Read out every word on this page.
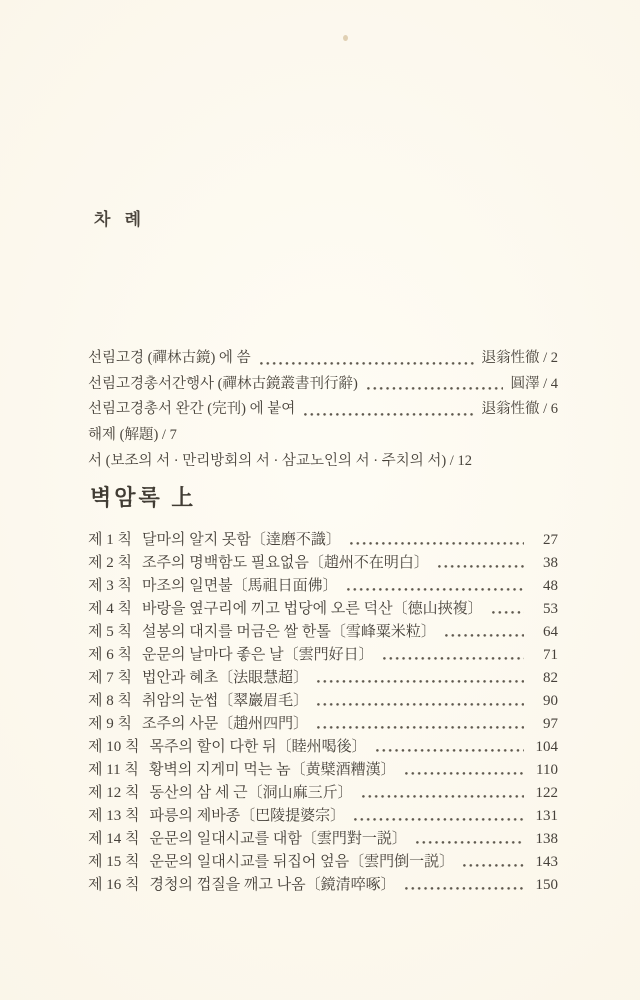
차 례
선림고경 (禪林古鏡) 에 씀	退翁性徹 / 2
선림고경총서간행사 (禪林古鏡叢書刊行辭)	圓澤 / 4
선림고경총서 완간 (完刊) 에 붙여	退翁性徹 / 6
해제 (解題) / 7
서 (보조의 서 · 만리방회의 서 · 삼교노인의 서 · 주치의 서) / 12
벽암록 上
제 1 칙 달마의 알지 못함〔達磨不識〕	27
제 2 칙 조주의 명백함도 필요없음〔趙州不在明白〕	38
제 3 칙 마조의 일면불〔馬祖日面佛〕	48
제 4 칙 바랑을 옆구리에 끼고 법당에 오른 덕산〔德山挾複〕	53
제 5 칙 설봉의 대지를 머금은 쌀 한톨〔雪峰粟米粒〕	64
제 6 칙 운문의 날마다 좋은 날〔雲門好日〕	71
제 7 칙 법안과 혜초〔法眼慧超〕	82
제 8 칙 취암의 눈썹〔翠巖眉毛〕	90
제 9 칙 조주의 사문〔趙州四門〕	97
제 10 칙 목주의 할이 다한 뒤〔睦州喝後〕	104
제 11 칙 황벽의 지게미 먹는 놈〔黄檗酒糟漢〕	110
제 12 칙 동산의 삼 세 근〔洞山麻三斤〕	122
제 13 칙 파릉의 제바종〔巴陵提婆宗〕	131
제 14 칙 운문의 일대시교를 대함〔雲門對一説〕	138
제 15 칙 운문의 일대시교를 뒤집어 엎음〔雲門倒一説〕	143
제 16 칙 경청의 껍질을 깨고 나옴〔鏡清啐啄〕	150
